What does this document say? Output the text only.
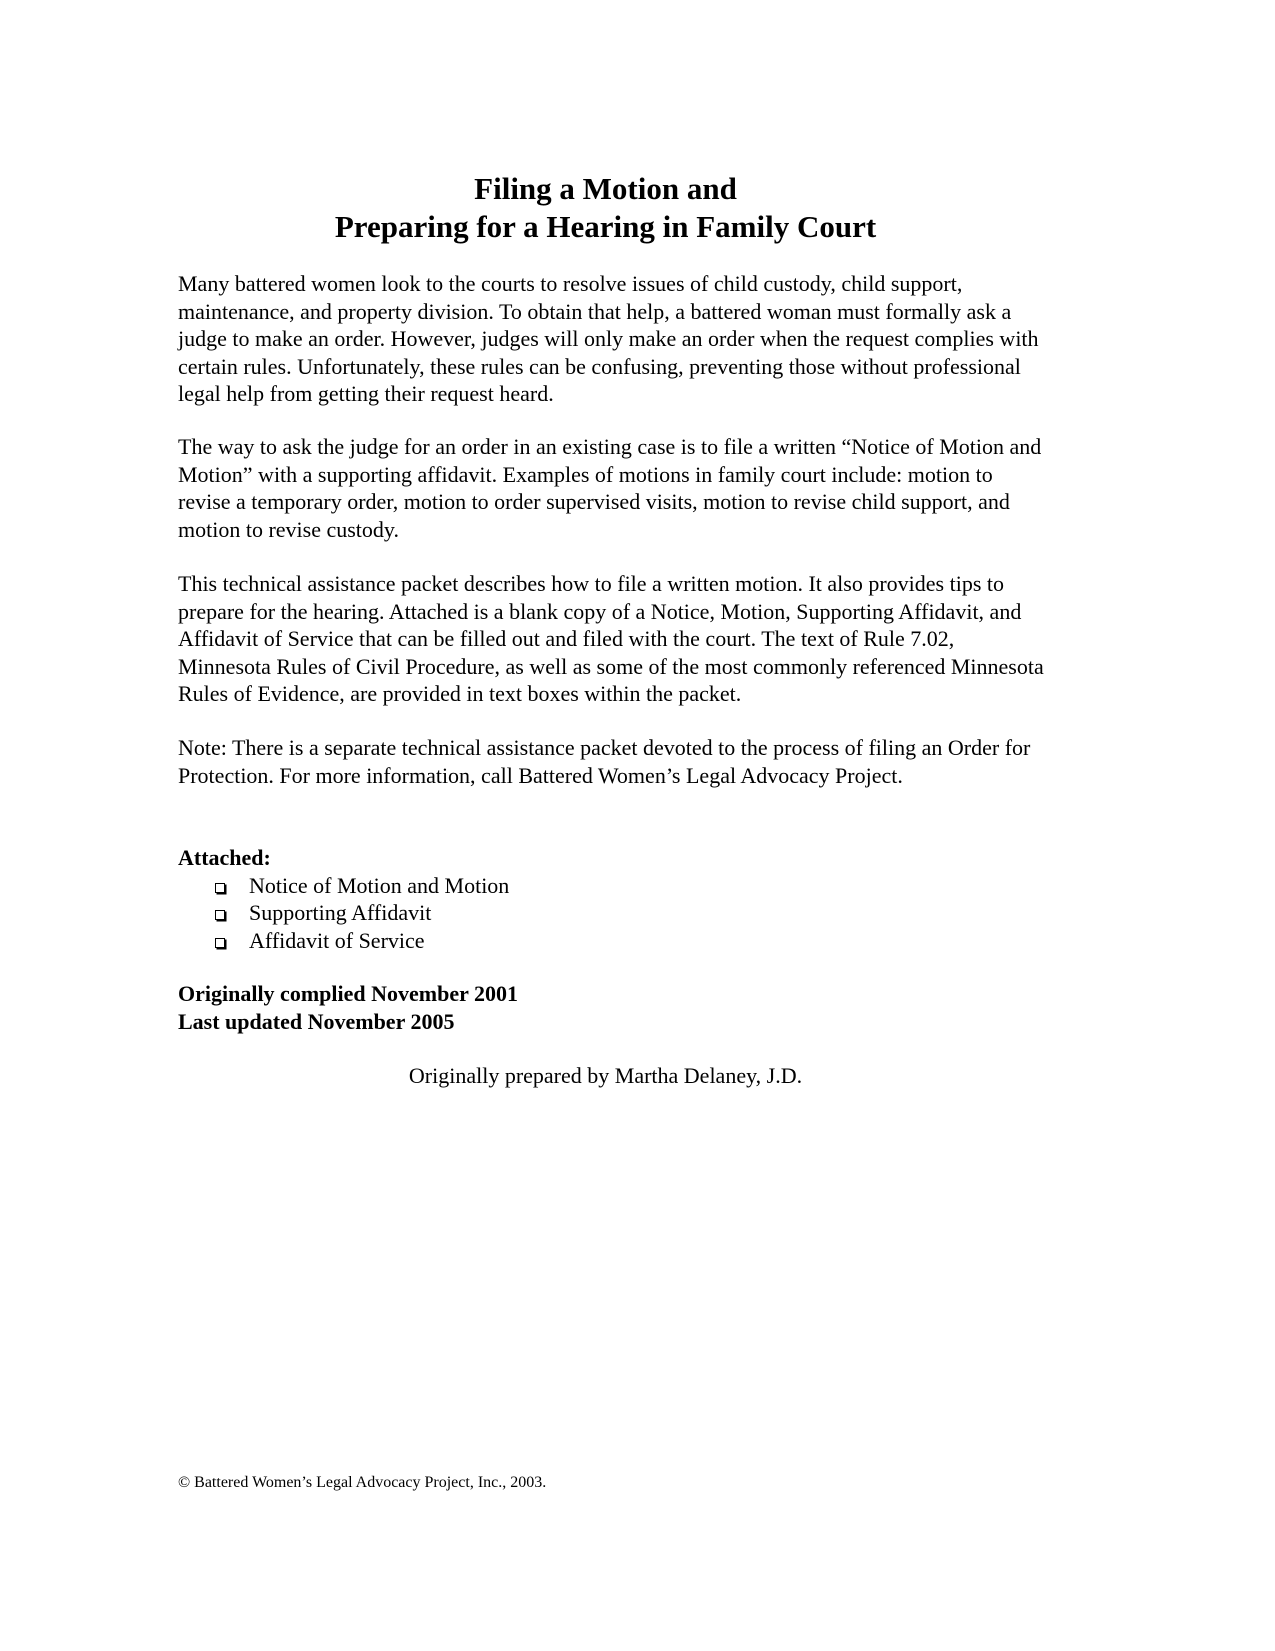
Filing a Motion and
Preparing for a Hearing in Family Court

Many battered women look to the courts to resolve issues of child custody, child support, maintenance, and property division. To obtain that help, a battered woman must formally ask a judge to make an order. However, judges will only make an order when the request complies with certain rules. Unfortunately, these rules can be confusing, preventing those without professional legal help from getting their request heard.

The way to ask the judge for an order in an existing case is to file a written “Notice of Motion and Motion” with a supporting affidavit. Examples of motions in family court include: motion to revise a temporary order, motion to order supervised visits, motion to revise child support, and motion to revise custody.

This technical assistance packet describes how to file a written motion. It also provides tips to prepare for the hearing. Attached is a blank copy of a Notice, Motion, Supporting Affidavit, and Affidavit of Service that can be filled out and filed with the court. The text of Rule 7.02, Minnesota Rules of Civil Procedure, as well as some of the most commonly referenced Minnesota Rules of Evidence, are provided in text boxes within the packet.

Note: There is a separate technical assistance packet devoted to the process of filing an Order for Protection. For more information, call Battered Women’s Legal Advocacy Project.

Attached:
Notice of Motion and Motion
Supporting Affidavit
Affidavit of Service
Originally complied November 2001
Last updated November 2005
Originally prepared by Martha Delaney, J.D.
© Battered Women’s Legal Advocacy Project, Inc., 2003.
